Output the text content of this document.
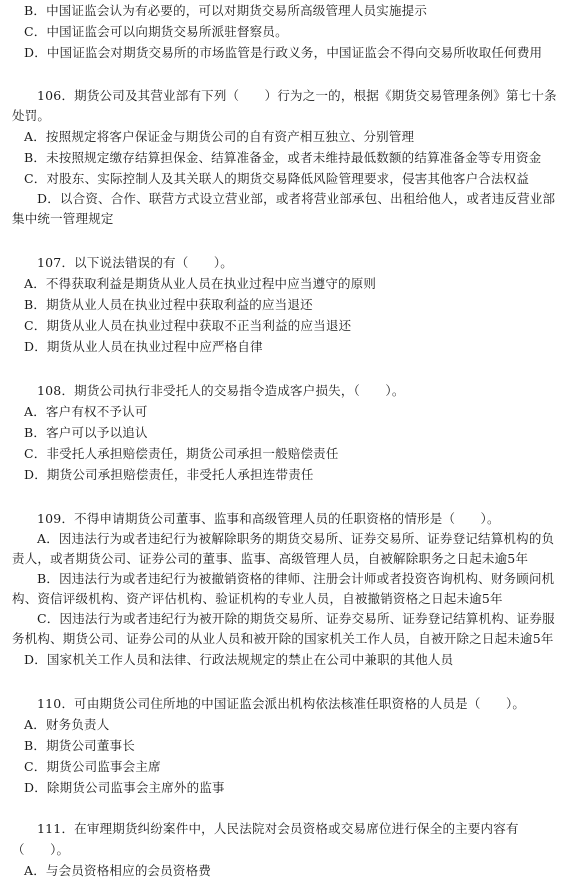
B．中国证监会认为有必要的，可以对期货交易所高级管理人员实施提示

C．中国证监会可以向期货交易所派驻督察员。

D．中国证监会对期货交易所的市场监管是行政义务，中国证监会不得向交易所收取任何费用

106．期货公司及其营业部有下列（　　）行为之一的，根据《期货交易管理条例》第七十条处罚。

A．按照规定将客户保证金与期货公司的自有资产相互独立、分别管理

B．未按照规定缴存结算担保金、结算准备金，或者未维持最低数额的结算准备金等专用资金

C．对股东、实际控制人及其关联人的期货交易降低风险管理要求，侵害其他客户合法权益

D．以合资、合作、联营方式设立营业部，或者将营业部承包、出租给他人，或者违反营业部集中统一管理规定

107．以下说法错误的有（　　）。

A．不得获取利益是期货从业人员在执业过程中应当遵守的原则

B．期货从业人员在执业过程中获取利益的应当退还

C．期货从业人员在执业过程中获取不正当利益的应当退还

D．期货从业人员在执业过程中应严格自律

108．期货公司执行非受托人的交易指令造成客户损失，（　　）。

A．客户有权不予认可

B．客户可以予以追认

C．非受托人承担赔偿责任，期货公司承担一般赔偿责任

D．期货公司承担赔偿责任，非受托人承担连带责任

109．不得申请期货公司董事、监事和高级管理人员的任职资格的情形是（　　）。

A．因违法行为或者违纪行为被解除职务的期货交易所、证券交易所、证券登记结算机构的负责人，或者期货公司、证券公司的董事、监事、高级管理人员，自被解除职务之日起未逾5年

B．因违法行为或者违纪行为被撤销资格的律师、注册会计师或者投资咨询机构、财务顾问机构、资信评级机构、资产评估机构、验证机构的专业人员，自被撤销资格之日起未逾5年

C．因违法行为或者违纪行为被开除的期货交易所、证券交易所、证券登记结算机构、证券服务机构、期货公司、证券公司的从业人员和被开除的国家机关工作人员，自被开除之日起未逾5年

D．国家机关工作人员和法律、行政法规规定的禁止在公司中兼职的其他人员

110．可由期货公司住所地的中国证监会派出机构依法核准任职资格的人员是（　　）。

A．财务负责人

B．期货公司董事长

C．期货公司监事会主席

D．除期货公司监事会主席外的监事

111．在审理期货纠纷案件中，人民法院对会员资格或交易席位进行保全的主要内容有（　　）。

A．与会员资格相应的会员资格费
